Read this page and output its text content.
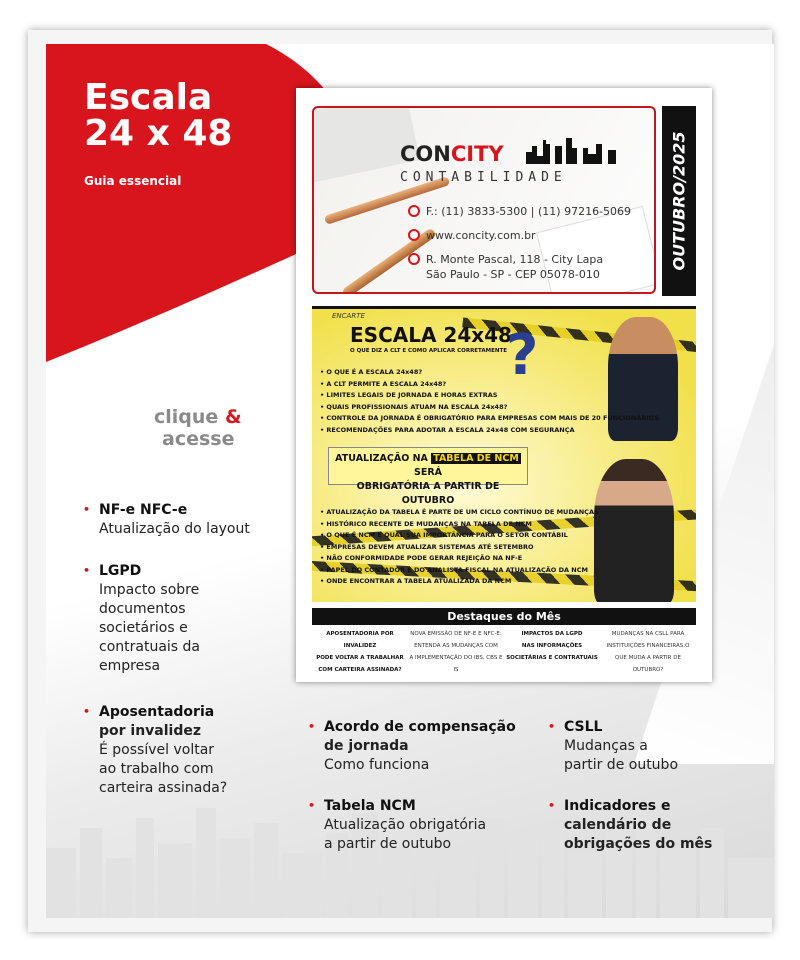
Escala
24 x 48
Guia essencial
clique &
acesse
CONCITY
CONTABILIDADE
F.: (11) 3833-5300 | (11) 97216-5069
www.concity.com.br
R. Monte Pascal, 118 - City Lapa
São Paulo - SP - CEP 05078-010
OUTUBRO/2025
ENCARTE
ESCALA 24x48
O QUE DIZ A CLT E COMO APLICAR CORRETAMENTE ?
• O QUE É A ESCALA 24x48?
• A CLT PERMITE A ESCALA 24x48?
• LIMITES LEGAIS DE JORNADA E HORAS EXTRAS
• QUAIS PROFISSIONAIS ATUAM NA ESCALA 24x48?
• CONTROLE DA JORNADA É OBRIGATÓRIO PARA EMPRESAS COM MAIS DE 20 FUNCIONÁRIOS
• RECOMENDAÇÕES PARA ADOTAR A ESCALA 24x48 COM SEGURANÇA
ATUALIZAÇÃO NA TABELA DE NCM SERÁ
OBRIGATÓRIA A PARTIR DE OUTUBRO
• ATUALIZAÇÃO DA TABELA É PARTE DE UM CICLO CONTÍNUO DE MUDANÇAS
• HISTÓRICO RECENTE DE MUDANÇAS NA TABELA DE NCM
• O QUE É NCM E QUAL SUA IMPORTÂNCIA PARA O SETOR CONTÁBIL
• EMPRESAS DEVEM ATUALIZAR SISTEMAS ATÉ SETEMBRO
• NÃO CONFORMIDADE PODE GERAR REJEIÇÃO NA NF-E
• PAPEL DO CONTADOR E DO ANALISTA FISCAL NA ATUALIZAÇÃO DA NCM
• ONDE ENCONTRAR A TABELA ATUALIZADA DA NCM
Destaques do Mês
APOSENTADORIA POR INVALIDEZ
PODE VOLTAR A TRABALHAR
COM CARTEIRA ASSINADA?
NOVA EMISSÃO DE NF-E E NFC-E:
ENTENDA AS MUDANÇAS COM
A IMPLEMENTAÇÃO DO IBS, CBS E IS
IMPACTOS DA LGPD
NAS INFORMAÇÕES
SOCIETÁRIAS E CONTRATUAIS
MUDANÇAS NA CSLL PARA
INSTITUIÇÕES FINANCEIRAS:O
QUE MUDA A PARTIR DE OUTUBRO?
• NF-e NFC-e
Atualização do layout
• LGPD
Impacto sobre
documentos
societários e
contratuais da
empresa
• Aposentadoria
por invalidez
É possível voltar
ao trabalho com
carteira assinada?
• Acordo de compensação
de jornada
Como funciona
• Tabela NCM
Atualização obrigatória
a partir de outubo
• CSLL
Mudanças a
partir de outubo
• Indicadores e
calendário de
obrigações do mês
